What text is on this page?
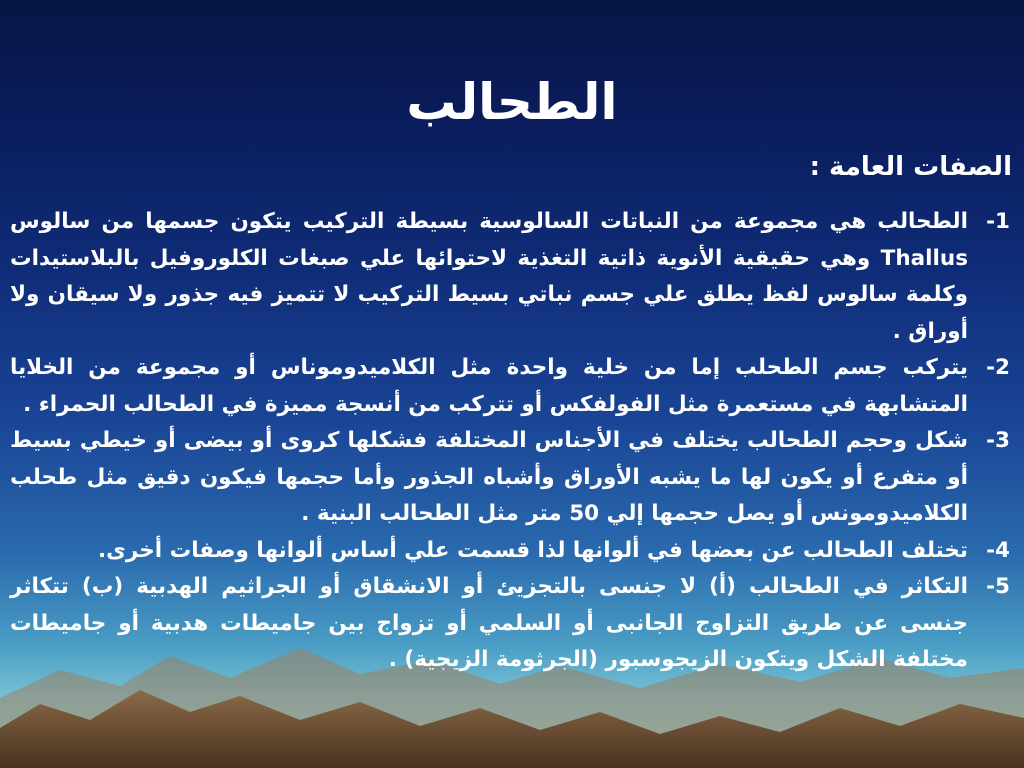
الطحالب
الصفات العامة :
1-
الطحالب هي مجموعة من النباتات السالوسية بسيطة التركيب يتكون جسمها من سالوس Thallus وهي حقيقية الأنوية ذاتية التغذية لاحتوائها علي صبغات الكلوروفيل بالبلاستيدات وكلمة سالوس لفظ يطلق علي جسم نباتي بسيط التركيب لا تتميز فيه جذور ولا سيقان ولا أوراق .
2-
يتركب جسم الطحلب إما من خلية واحدة مثل الكلاميدوموناس أو مجموعة من الخلايا المتشابهة في مستعمرة مثل الفولفكس أو تتركب من أنسجة مميزة في الطحالب الحمراء .
3-
شكل وحجم الطحالب يختلف في الأجناس المختلفة فشكلها كروى أو بيضى أو خيطي بسيط أو متفرع أو يكون لها ما يشبه الأوراق وأشباه الجذور وأما حجمها فيكون دقيق مثل طحلب الكلاميدومونس أو يصل حجمها إلي 50 متر مثل الطحالب البنية .
4-
تختلف الطحالب عن بعضها في ألوانها لذا قسمت علي أساس ألوانها وصفات أخرى.
5-
التكاثر في الطحالب (أ) لا جنسى بالتجزيئ أو الانشقاق أو الجراثيم الهدبية (ب) تتكاثر جنسى عن طريق التزاوج الجانبى أو السلمي أو تزواج بين جاميطات هدبية أو جاميطات مختلفة الشكل ويتكون الزيجوسبور (الجرثومة الزيجية) .
